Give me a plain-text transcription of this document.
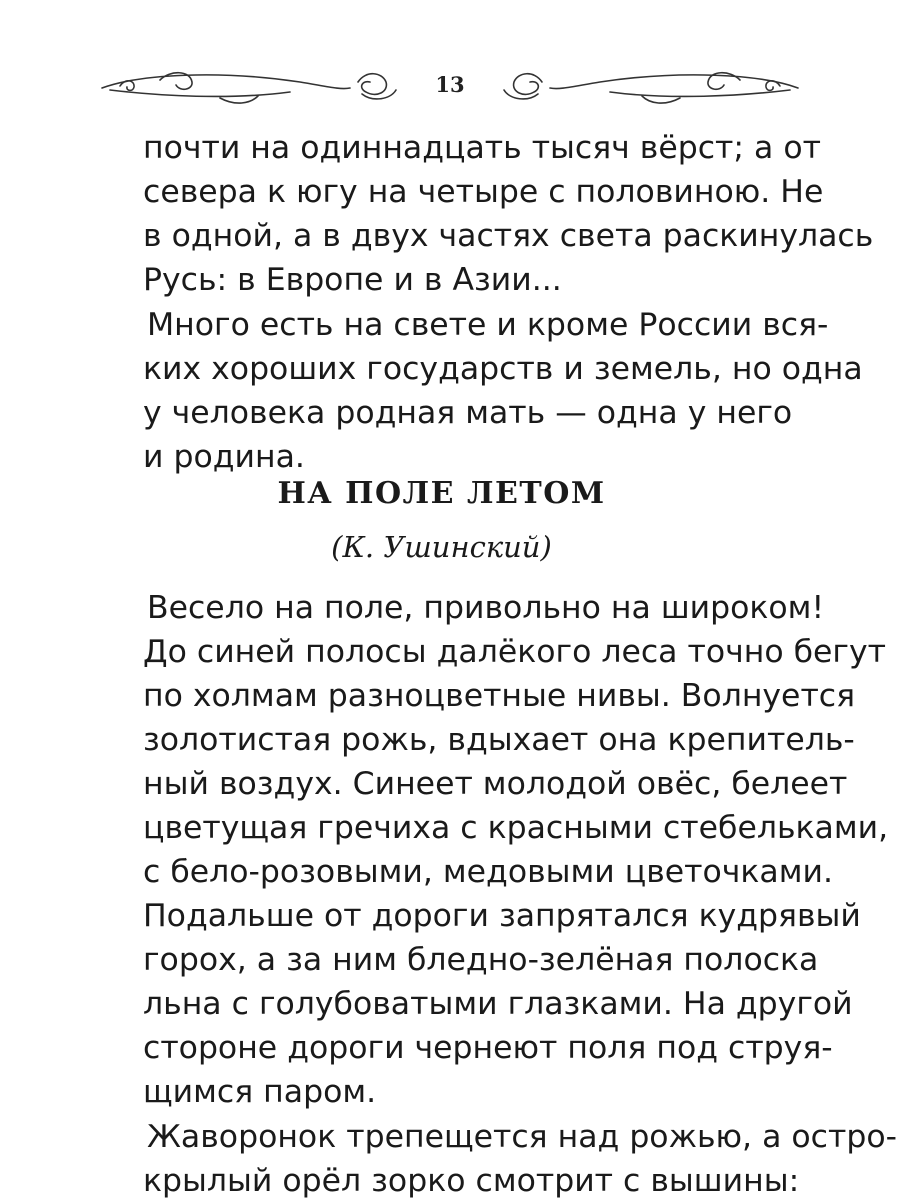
13

почти на одиннадцать тысяч вёрст; а от
севера к югу на четыре с половиною. Не
в одной, а в двух частях света раскинулась
Русь: в Европе и в Азии...

Много есть на свете и кроме России вся-
ких хороших государств и земель, но одна
у человека родная мать — одна у него
и родина.

НА ПОЛЕ ЛЕТОМ
(К. Ушинский)

Весело на поле, привольно на широком!
До синей полосы далёкого леса точно бегут
по холмам разноцветные нивы. Волнуется
золотистая рожь, вдыхает она крепитель-
ный воздух. Синеет молодой овёс, белеет
цветущая гречиха с красными стебельками,
с бело-розовыми, медовыми цветочками.
Подальше от дороги запрятался кудрявый
горох, а за ним бледно-зелёная полоска
льна с голубоватыми глазками. На другой
стороне дороги чернеют поля под струя-
щимся паром.

Жаворонок трепещется над рожью, а остро-
крылый орёл зорко смотрит с вышины:
